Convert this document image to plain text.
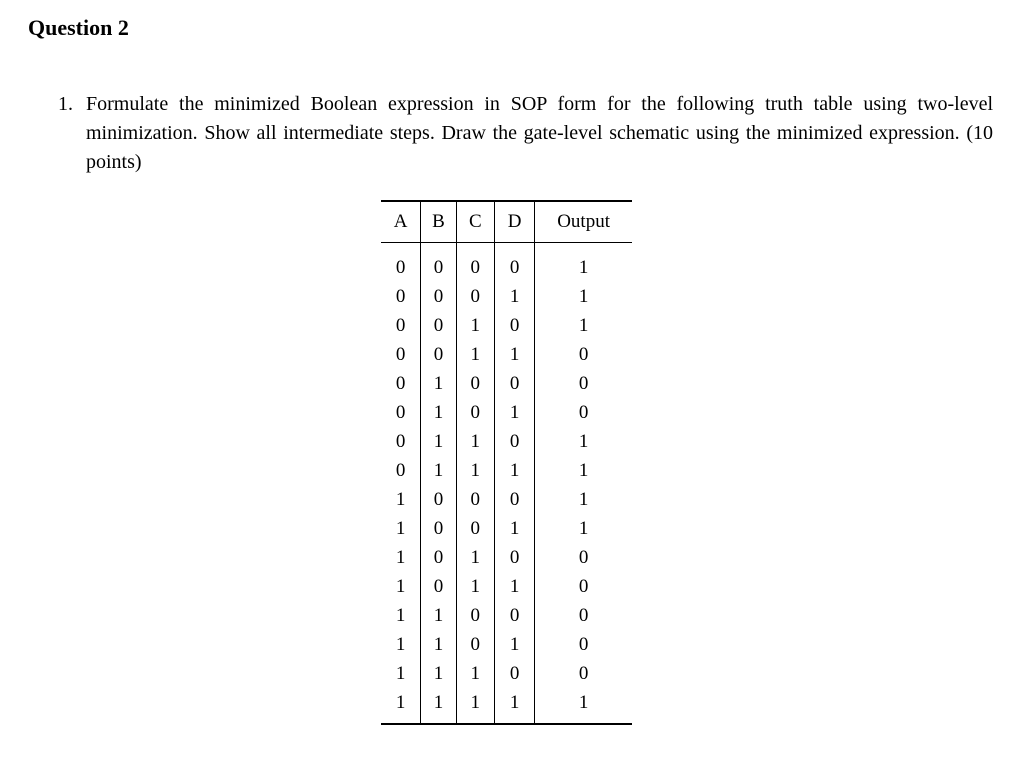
Question 2
1. Formulate the minimized Boolean expression in SOP form for the following truth table using two-level minimization. Show all intermediate steps. Draw the gate-level schematic using the minimized expression. (10 points)
A	B	C	D	Output
0	0	0	0	1
0	0	0	1	1
0	0	1	0	1
0	0	1	1	0
0	1	0	0	0
0	1	0	1	0
0	1	1	0	1
0	1	1	1	1
1	0	0	0	1
1	0	0	1	1
1	0	1	0	0
1	0	1	1	0
1	1	0	0	0
1	1	0	1	0
1	1	1	0	0
1	1	1	1	1
